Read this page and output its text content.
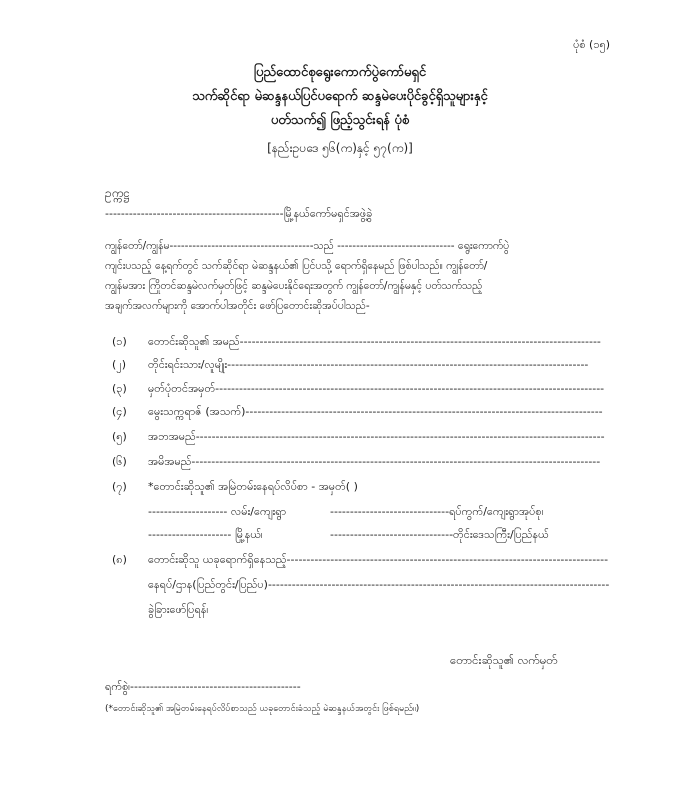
ပုံစံ (၁၅)
ပြည်ထောင်စုရွေးကောက်ပွဲကော်မရှင်
သက်ဆိုင်ရာ မဲဆန္ဒနယ်ပြင်ပရောက် ဆန္ဒမဲပေးပိုင်ခွင့်ရှိသူများနှင့်
ပတ်သက်၍ ဖြည့်သွင်းရန် ပုံစံ
[နည်းဥပဒေ ၅၆(က)နှင့် ၅၇(က)]
ဥက္ကဋ္ဌ
---------------------------------------------မြို့နယ်ကော်မရှင်အဖွဲ့ခွဲ
ကျွန်တော်/ကျွန်မ--------------------------------------သည် ------------------------------- ရွေးကောက်ပွဲ
ကျင်းပသည့် နေ့ရက်တွင် သက်ဆိုင်ရာ မဲဆန္ဒနယ်၏ ပြင်ပသို့ ရောက်ရှိနေမည် ဖြစ်ပါသည်။ ကျွန်တော်/
ကျွန်မအား ကြိုတင်ဆန္ဒမဲလက်မှတ်ဖြင့် ဆန္ဒမဲပေးနိုင်ရေးအတွက် ကျွန်တော်/ကျွန်မနှင့် ပတ်သက်သည့်
အချက်အလက်များကို အောက်ပါအတိုင်း ဖော်ပြတောင်းဆိုအပ်ပါသည်-
(၁) တောင်းဆိုသူ၏ အမည်-------------------------------------------------------------------------------------------
(၂) တိုင်းရင်းသား/လူမျိုး-------------------------------------------------------------------------------------------
(၃) မှတ်ပုံတင်အမှတ်--------------------------------------------------------------------------------------------------
(၄) မွေးသက္ကရာဇ် (အသက်)------------------------------------------------------------------------------------------
(၅) အဘအမည်-------------------------------------------------------------------------------------------------------
(၆) အမိအမည်-------------------------------------------------------------------------------------------------------
(၇) *တောင်းဆိုသူ၏ အမြဲတမ်းနေရပ်လိပ်စာ - အမှတ်( )
-------------------- လမ်း/ကျေးရွာ	------------------------------ရပ်ကွက်/ကျေးရွာအုပ်စု၊
--------------------- မြို့နယ်၊	-------------------------------တိုင်းဒေသကြီး/ပြည်နယ်
(၈) တောင်းဆိုသူ ယခုရောက်ရှိနေသည့်---------------------------------------------------------------------------------
နေရပ်/ဌာန(ပြည်တွင်း/ပြည်ပ)--------------------------------------------------------------------------------------
ခွဲခြားဖော်ပြရန်၊
တောင်းဆိုသူ၏ လက်မှတ်
ရက်စွဲ၊-------------------------------------------
(*တောင်းဆိုသူ၏ အမြဲတမ်းနေရပ်လိပ်စာသည် ယခုတောင်းခံသည့် မဲဆန္ဒနယ်အတွင်း ဖြစ်ရမည်။)
